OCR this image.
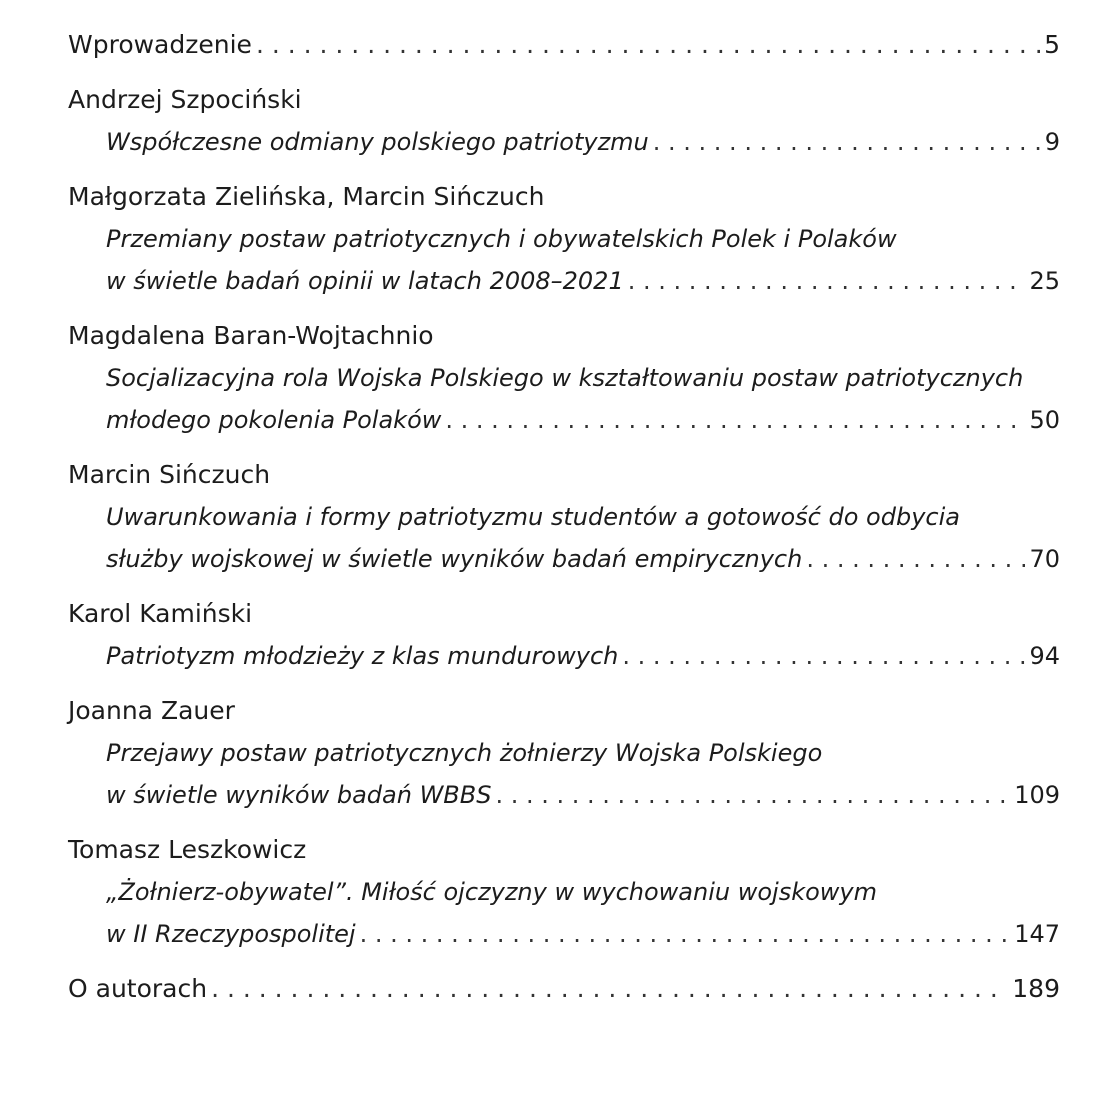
Wprowadzenie . . .	5
Andrzej Szpociński
Współczesne odmiany polskiego patriotyzmu . . .	9
Małgorzata Zielińska, Marcin Sińczuch
Przemiany postaw patriotycznych i obywatelskich Polek i Polaków
w świetle badań opinii w latach 2008–2021 . . .	25
Magdalena Baran-Wojtachnio
Socjalizacyjna rola Wojska Polskiego w kształtowaniu postaw patriotycznych
młodego pokolenia Polaków . . .	50
Marcin Sińczuch
Uwarunkowania i formy patriotyzmu studentów a gotowość do odbycia
służby wojskowej w świetle wyników badań empirycznych . . .	70
Karol Kamiński
Patriotyzm młodzieży z klas mundurowych . . .	94
Joanna Zauer
Przejawy postaw patriotycznych żołnierzy Wojska Polskiego
w świetle wyników badań WBBS . . .	109
Tomasz Leszkowicz
„Żołnierz-obywatel”. Miłość ojczyzny w wychowaniu wojskowym
w II Rzeczypospolitej . . .	147
O autorach . . .	189
